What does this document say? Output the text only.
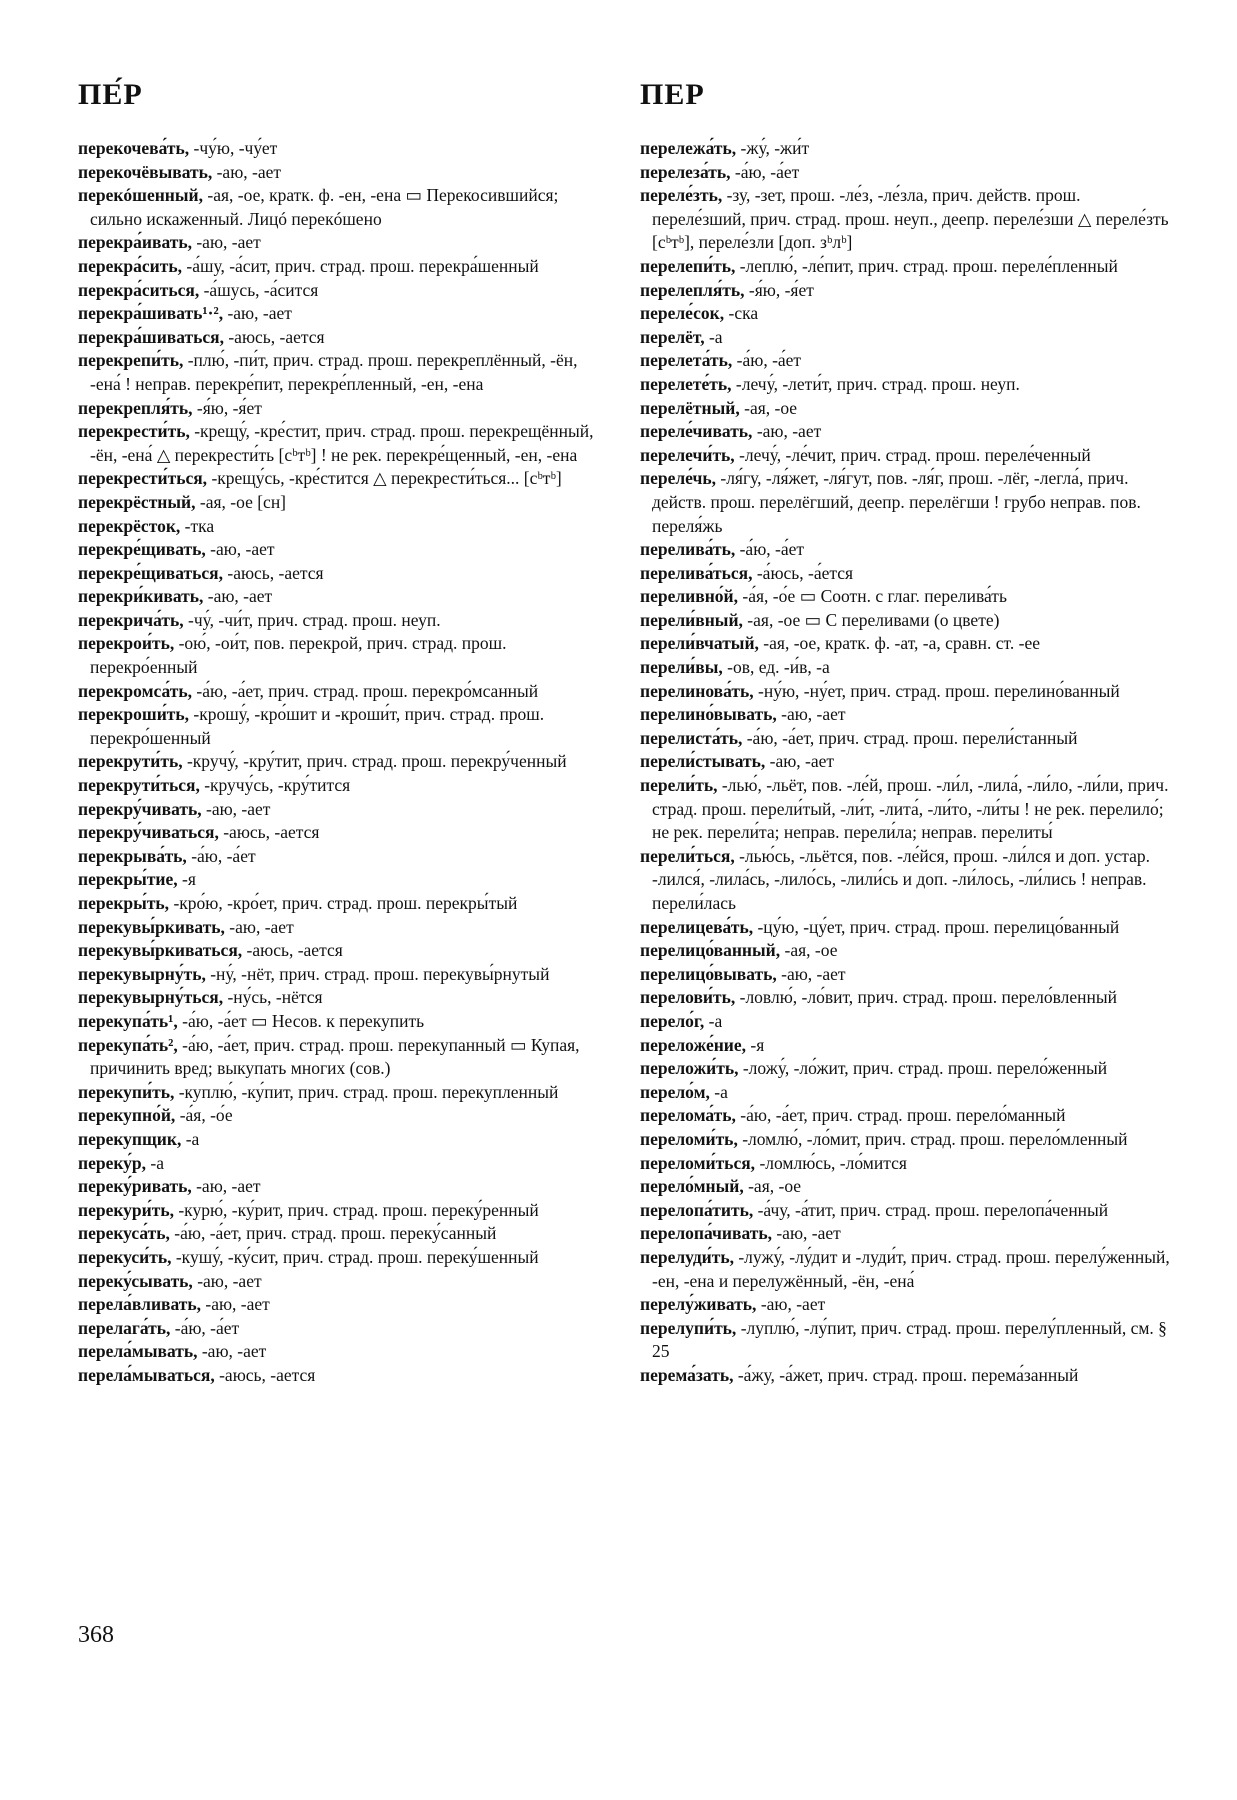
ПЕ́Р	ПЕР

перекочева́ть, -чу́ю, -чу́ет

перекочёвывать, -аю, -ает

перекóшенный, -ая, -ое, кратк. ф. -ен, -ена ▭ Перекосившийся; сильно искаженный. Лицó перекóшено

перекра́ивать, -аю, -ает

перекра́сить, -а́шу, -а́сит, прич. страд. прош. перекра́шенный

перекра́ситься, -а́шусь, -а́сится

перекра́шивать¹·², -аю, -ает

перекра́шиваться, -аюсь, -ается

перекрепи́ть, -плю́, -пи́т, прич. страд. прош. перекреплённый, -ён, -ена́ ! неправ. перекре́пит, перекре́пленный, -ен, -ена

перекрепля́ть, -я́ю, -я́ет

перекрести́ть, -крещу́, -кре́стит, прич. страд. прош. перекрещённый, -ён, -ена́ △ перекрести́ть [сᵇтᵇ] ! не рек. перекре́щенный, -ен, -ена

перекрести́ться, -крещу́сь, -кре́стится △ перекрести́ться... [сᵇтᵇ]

перекрёстный, -ая, -ое [сн]

перекрёсток, -тка

перекре́щивать, -аю, -ает

перекре́щиваться, -аюсь, -ается

перекри́кивать, -аю, -ает

перекрича́ть, -чу́, -чи́т, прич. страд. прош. неуп.

перекрои́ть, -ою́, -ои́т, пов. перекрой, прич. страд. прош. перекро́енный

перекромса́ть, -а́ю, -а́ет, прич. страд. прош. перекро́мсанный

перекроши́ть, -крошу́, -кро́шит и -кроши́т, прич. страд. прош. перекро́шенный

перекрути́ть, -кручу́, -кру́тит, прич. страд. прош. перекру́ченный

перекрути́ться, -кручу́сь, -кру́тится

перекру́чивать, -аю, -ает

перекру́чиваться, -аюсь, -ается

перекрыва́ть, -а́ю, -а́ет

перекры́тие, -я

перекры́ть, -кро́ю, -кро́ет, прич. страд. прош. перекры́тый

перекувы́ркивать, -аю, -ает

перекувы́ркиваться, -аюсь, -ается

перекувырну́ть, -ну́, -нёт, прич. страд. прош. перекувы́рнутый

перекувырну́ться, -ну́сь, -нётся

перекупа́ть¹, -а́ю, -а́ет ▭ Несов. к перекупить

перекупа́ть², -а́ю, -а́ет, прич. страд. прош. перекупанный ▭ Купая, причинить вред; выкупать многих (сов.)

перекупи́ть, -куплю́, -ку́пит, прич. страд. прош. перекупленный

перекупно́й, -а́я, -о́е

перекупщик, -а

переку́р, -а

переку́ривать, -аю, -ает

перекури́ть, -курю́, -ку́рит, прич. страд. прош. переку́ренный

перекуса́ть, -а́ю, -а́ет, прич. страд. прош. переку́санный

перекуси́ть, -кушу́, -ку́сит, прич. страд. прош. переку́шенный

переку́сывать, -аю, -ает

перела́вливать, -аю, -ает

перелага́ть, -а́ю, -а́ет

перела́мывать, -аю, -ает

перела́мываться, -аюсь, -ается

перележа́ть, -жу́, -жи́т

перелеза́ть, -а́ю, -а́ет

переле́зть, -зу, -зет, прош. -ле́з, -ле́зла, прич. действ. прош. переле́зший, прич. страд. прош. неуп., деепр. переле́зши △ переле́зть [сᵇтᵇ], переле́зли [доп. зᵇлᵇ]

перелепи́ть, -леплю́, -ле́пит, прич. страд. прош. переле́пленный

перелепля́ть, -я́ю, -я́ет

переле́сок, -ска

перелёт, -а

перелета́ть, -а́ю, -а́ет

перелете́ть, -лечу́, -лети́т, прич. страд. прош. неуп.

перелётный, -ая, -ое

переле́чивать, -аю, -ает

перелечи́ть, -лечу́, -ле́чит, прич. страд. прош. переле́ченный

переле́чь, -ля́гу, -ля́жет, -ля́гут, пов. -ля́г, прош. -лёг, -легла́, прич. действ. прош. перелёгший, деепр. перелёгши ! грубо неправ. пов. переля́жь

перелива́ть, -а́ю, -а́ет

перелива́ться, -а́юсь, -а́ется

переливно́й, -а́я, -о́е ▭ Соотн. с глаг. перелива́ть

перели́вный, -ая, -ое ▭ С переливами (о цвете)

перели́вчатый, -ая, -ое, кратк. ф. -ат, -а, сравн. ст. -ее

перели́вы, -ов, ед. -и́в, -а

перелинова́ть, -ну́ю, -ну́ет, прич. страд. прош. перелино́ванный

перелино́вывать, -аю, -ает

перелиста́ть, -а́ю, -а́ет, прич. страд. прош. перели́станный

перели́стывать, -аю, -ает

перели́ть, -лью́, -льёт, пов. -ле́й, прош. -ли́л, -лила́, -ли́ло, -ли́ли, прич. страд. прош. перели́тый, -ли́т, -лита́, -ли́то, -ли́ты ! не рек. перелило́; не рек. перели́та; неправ. перели́ла; неправ. перелиты́

перели́ться, -лью́сь, -льётся, пов. -ле́йся, прош. -ли́лся и доп. устар. -лился́, -лила́сь, -лило́сь, -лили́сь и доп. -ли́лось, -ли́лись ! неправ. перели́лась

перелицева́ть, -цу́ю, -цу́ет, прич. страд. прош. перелицо́ванный

перелицо́ванный, -ая, -ое

перелицо́вывать, -аю, -ает

перелови́ть, -ловлю́, -ло́вит, прич. страд. прош. перело́вленный

перело́г, -а

переложе́ние, -я

переложи́ть, -ложу́, -ло́жит, прич. страд. прош. перело́женный

перело́м, -а

перелома́ть, -а́ю, -а́ет, прич. страд. прош. перело́манный

переломи́ть, -ломлю́, -ло́мит, прич. страд. прош. перело́мленный

переломи́ться, -ломлю́сь, -ло́мится

перело́мный, -ая, -ое

перелопа́тить, -а́чу, -а́тит, прич. страд. прош. перелопа́ченный

перелопа́чивать, -аю, -ает

перелуди́ть, -лужу́, -лу́дит и -луди́т, прич. страд. прош. перелу́женный, -ен, -ена и перелужённый, -ён, -ена́

перелу́живать, -аю, -ает

перелупи́ть, -луплю́, -лу́пит, прич. страд. прош. перелу́пленный, см. § 25

перема́зать, -а́жу, -а́жет, прич. страд. прош. перема́занный

368
